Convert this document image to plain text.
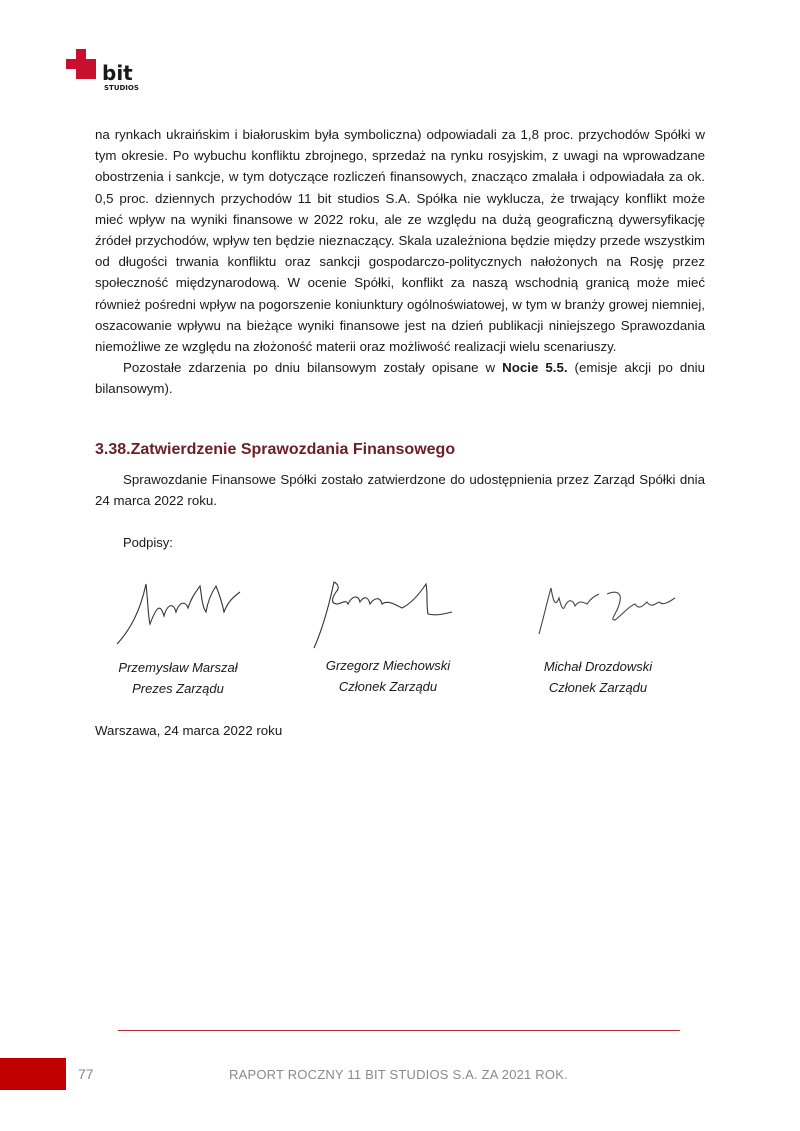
bit
STUDIOS

na rynkach ukraińskim i białoruskim była symboliczna) odpowiadali za 1,8 proc. przychodów Spółki w tym okresie. Po wybuchu konfliktu zbrojnego, sprzedaż na rynku rosyjskim, z uwagi na wprowadzane obostrzenia i sankcje, w tym dotyczące rozliczeń finansowych, znacząco zmalała i odpowiadała za ok. 0,5 proc. dziennych przychodów 11 bit studios S.A. Spółka nie wyklucza, że trwający konflikt może mieć wpływ na wyniki finansowe w 2022 roku, ale ze względu na dużą geograficzną dywersyfikację źródeł przychodów, wpływ ten będzie nieznaczący. Skala uzależniona będzie między przede wszystkim od długości trwania konfliktu oraz sankcji gospodarczo-politycznych nałożonych na Rosję przez społeczność międzynarodową. W ocenie Spółki, konflikt za naszą wschodnią granicą może mieć również pośredni wpływ na pogorszenie koniunktury ogólnoświatowej, w tym w branży growej niemniej, oszacowanie wpływu na bieżące wyniki finansowe jest na dzień publikacji niniejszego Sprawozdania niemożliwe ze względu na złożoność materii oraz możliwość realizacji wielu scenariuszy.

Pozostałe zdarzenia po dniu bilansowym zostały opisane w Nocie 5.5. (emisje akcji po dniu bilansowym).

3.38.Zatwierdzenie Sprawozdania Finansowego

Sprawozdanie Finansowe Spółki zostało zatwierdzone do udostępnienia przez Zarząd Spółki dnia 24 marca 2022 roku.

Podpisy:
Przemysław Marszał
Prezes Zarządu
Grzegorz Miechowski
Członek Zarządu
Michał Drozdowski
Członek Zarządu
Warszawa, 24 marca 2022 roku
77	RAPORT ROCZNY 11 BIT STUDIOS S.A. ZA 2021 ROK.
